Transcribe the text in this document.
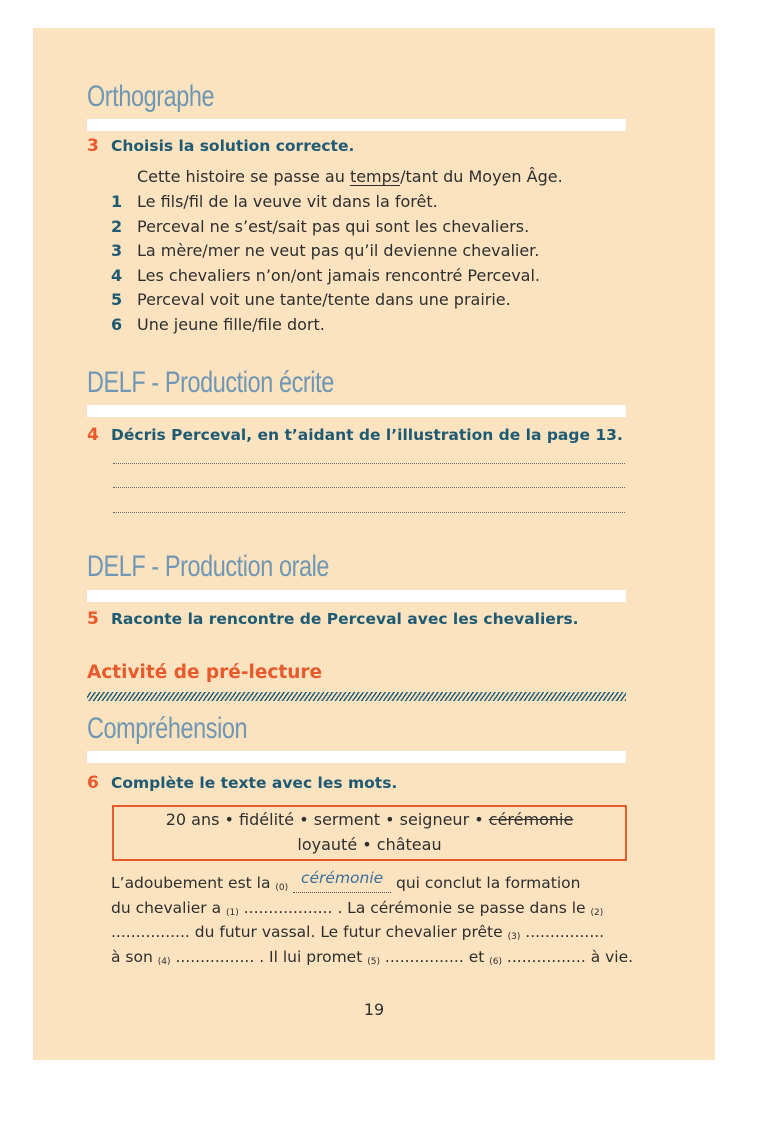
Orthographe
3 Choisis la solution correcte.
Cette histoire se passe au temps/tant du Moyen Âge.
1 Le fils/fil de la veuve vit dans la forêt.

2 Perceval ne s’est/sait pas qui sont les chevaliers.

3 La mère/mer ne veut pas qu’il devienne chevalier.

4 Les chevaliers n’on/ont jamais rencontré Perceval.

5 Perceval voit une tante/tente dans une prairie.

6 Une jeune fille/file dort.

DELF - Production écrite
4 Décris Perceval, en t’aidant de l’illustration de la page 13.
DELF - Production orale
5 Raconte la rencontre de Perceval avec les chevaliers.
Activité de pré-lecture
Compréhension
6 Complète le texte avec les mots.
20 ans • fidélité • serment • seigneur • cérémonie
loyauté • château
L’adoubement est la $_{(0)}$ cérémonie qui conclut la formation
du chevalier a $_{(1)}$ .................. . La cérémonie se passe dans le $_{(2)}$
................ du futur vassal. Le futur chevalier prête $_{(3)}$ ................
à son $_{(4)}$ ................ . Il lui promet $_{(5)}$ ................ et $_{(6)}$ ................ à vie.
19
